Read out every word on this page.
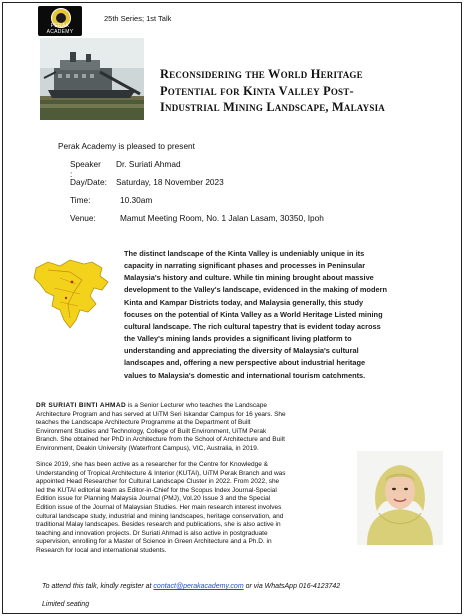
PERAK ACADEMY
25th Series; 1st Talk
Reconsidering the World Heritage
Potential for Kinta Valley Post-
Industrial Mining Landscape, Malaysia
Perak Academy is pleased to present
Speaker :
Dr. Suriati Ahmad
Day/Date: Saturday, 18 November 2023
Time:	10.30am
Venue:	Mamut Meeting Room, No. 1 Jalan Lasam, 30350, Ipoh
The distinct landscape of the Kinta Valley is undeniably unique in its
capacity in narrating significant phases and processes in Peninsular
Malaysia's history and culture. While tin mining brought about massive
development to the Valley's landscape, evidenced in the making of modern
Kinta and Kampar Districts today, and Malaysia generally, this study
focuses on the potential of Kinta Valley as a World Heritage Listed mining
cultural landscape. The rich cultural tapestry that is evident today across
the Valley's mining lands provides a significant living platform to
understanding and appreciating the diversity of Malaysia's cultural
landscapes and, offering a new perspective about industrial heritage
values to Malaysia's domestic and international tourism catchments.
DR SURIATI BINTI AHMAD is a Senior Lecturer who teaches the Landscape
Architecture Program and has served at UiTM Seri Iskandar Campus for 16 years. She
teaches the Landscape Architecture Programme at the Department of Built
Environment Studies and Technology, College of Built Environment, UiTM Perak
Branch. She obtained her PhD in Architecture from the School of Architecture and Built
Environment, Deakin University (Waterfront Campus), VIC, Australia, in 2019.
Since 2019, she has been active as a researcher for the Centre for Knowledge &
Understanding of Tropical Architecture & Interior (KUTAI), UiTM Perak Branch and was
appointed Head Researcher for Cultural Landscape Cluster in 2022. From 2022, she
led the KUTAI editorial team as Editor-in-Chief for the Scopus Index Journal-Special
Edition issue for Planning Malaysia Journal (PMJ), Vol.20 Issue 3 and the Special
Edition issue of the Journal of Malaysian Studies. Her main research interest involves
cultural landscape study, industrial and mining landscapes, heritage conservation, and
traditional Malay landscapes. Besides research and publications, she is also active in
teaching and innovation projects. Dr Suriati Ahmad is also active in postgraduate
supervision, enrolling for a Master of Science in Green Architecture and a Ph.D. in
Research for local and international students.
To attend this talk, kindly register at contact@perakacademy.com or via WhatsApp 016-4123742
Limited seating
